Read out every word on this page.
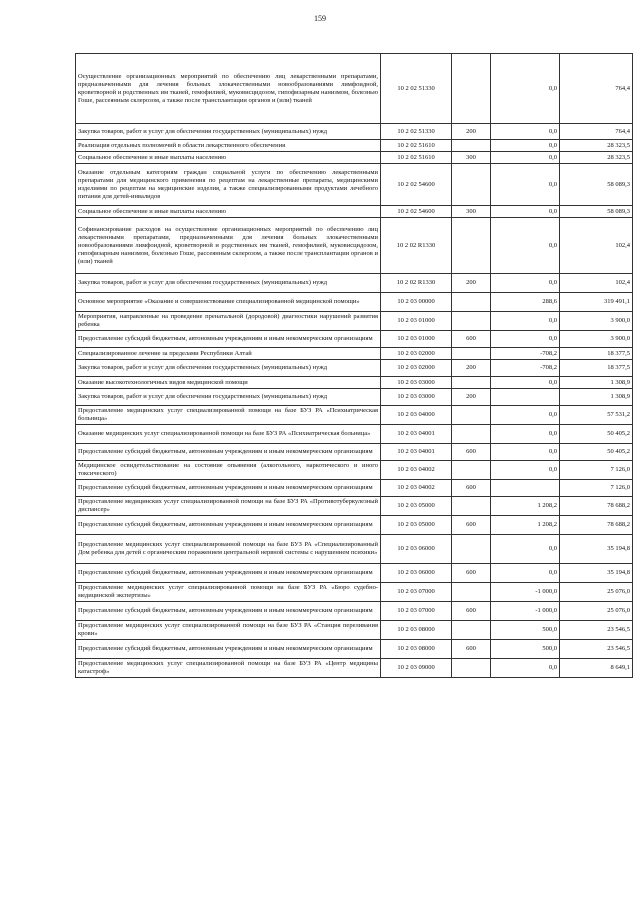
159
Осуществление организационных мероприятий по обеспечению лиц лекарственными препаратами, предназначенными для лечения больных злокачественными новообразованиями лимфоидной, кроветворной и родственных им тканей, гемофилией, муковисцидозом, гипофизарным нанизмом, болезнью Гоше, рассеянным склерозом, а также после трансплантации органов и (или) тканей	10 2 02 51330		0,0	764,4
Закупка товаров, работ и услуг для обеспечения государственных (муниципальных) нужд	10 2 02 51330	200	0,0	764,4
Реализация отдельных полномочий в области лекарственного обеспечения	10 2 02 51610		0,0	28 323,5
Социальное обеспечение и иные выплаты населению	10 2 02 51610	300	0,0	28 323,5
Оказание отдельным категориям граждан социальной услуги по обеспечению лекарственными препаратами для медицинского применения по рецептам на лекарственные препараты, медицинскими изделиями по рецептам на медицинские изделия, а также специализированными продуктами лечебного питания для детей-инвалидов	10 2 02 54600		0,0	58 089,3
Социальное обеспечение и иные выплаты населению	10 2 02 54600	300	0,0	58 089,3
Софинансирование расходов на осуществление организационных мероприятий по обеспечению лиц лекарственными препаратами, предназначенными для лечения больных злокачественными новообразованиями лимфоидной, кроветворной и родственных им тканей, гемофилией, муковисцидозом, гипофизарным нанизмом, болезнью Гоше, рассеянным склерозом, а также после трансплантации органов и (или) тканей	10 2 02 R1330		0,0	102,4
Закупка товаров, работ и услуг для обеспечения государственных (муниципальных) нужд	10 2 02 R1330	200	0,0	102,4
Основное мероприятие «Оказание и совершенствование специализированной медицинской помощи»	10 2 03 00000		288,6	319 491,1
Мероприятия, направленные на проведение пренатальной (дородовой) диагностики нарушений развития ребенка	10 2 03 01000		0,0	3 900,0
Предоставление субсидий бюджетным, автономным учреждениям и иным некоммерческим организациям	10 2 03 01000	600	0,0	3 900,0
Специализированное лечение за пределами Республики Алтай	10 2 03 02000		-708,2	18 377,5
Закупка товаров, работ и услуг для обеспечения государственных (муниципальных) нужд	10 2 03 02000	200	-708,2	18 377,5
Оказание высокотехнологичных видов медицинской помощи	10 2 03 03000		0,0	1 308,9
Закупка товаров, работ и услуг для обеспечения государственных (муниципальных) нужд	10 2 03 03000	200		1 308,9
Предоставление медицинских услуг специализированной помощи на базе БУЗ РА «Психиатрическая больница»	10 2 03 04000		0,0	57 531,2
Оказание медицинских услуг специализированной помощи на базе БУЗ РА «Психиатрическая больница»	10 2 03 04001		0,0	50 405,2
Предоставление субсидий бюджетным, автономным учреждениям и иным некоммерческим организациям	10 2 03 04001	600	0,0	50 405,2
Медицинское освидетельствование на состояние опьянения (алкогольного, наркотического и иного токсического)	10 2 03 04002		0,0	7 126,0
Предоставление субсидий бюджетным, автономным учреждениям и иным некоммерческим организациям	10 2 03 04002	600		7 126,0
Предоставление медицинских услуг специализированной помощи на базе БУЗ РА «Противотуберкулезный диспансер»	10 2 03 05000		1 208,2	78 688,2
Предоставление субсидий бюджетным, автономным учреждениям и иным некоммерческим организациям	10 2 03 05000	600	1 208,2	78 688,2
Предоставление медицинских услуг специализированной помощи на базе БУЗ РА «Специализированный Дом ребенка для детей с органическим поражением центральной нервной системы с нарушением психики»	10 2 03 06000		0,0	35 194,8
Предоставление субсидий бюджетным, автономным учреждениям и иным некоммерческим организациям	10 2 03 06000	600	0,0	35 194,8
Предоставление медицинских услуг специализированной помощи на базе БУЗ РА «Бюро судебно-медицинской экспертизы»	10 2 03 07000		-1 000,0	25 076,0
Предоставление субсидий бюджетным, автономным учреждениям и иным некоммерческим организациям	10 2 03 07000	600	-1 000,0	25 076,0
Предоставление медицинских услуг специализированной помощи на базе БУЗ РА «Станция переливания крови»	10 2 03 08000		500,0	23 546,5
Предоставление субсидий бюджетным, автономным учреждениям и иным некоммерческим организациям	10 2 03 08000	600	500,0	23 546,5
Предоставление медицинских услуг специализированной помощи на базе БУЗ РА «Центр медицины катастроф»	10 2 03 09000		0,0	8 649,1
